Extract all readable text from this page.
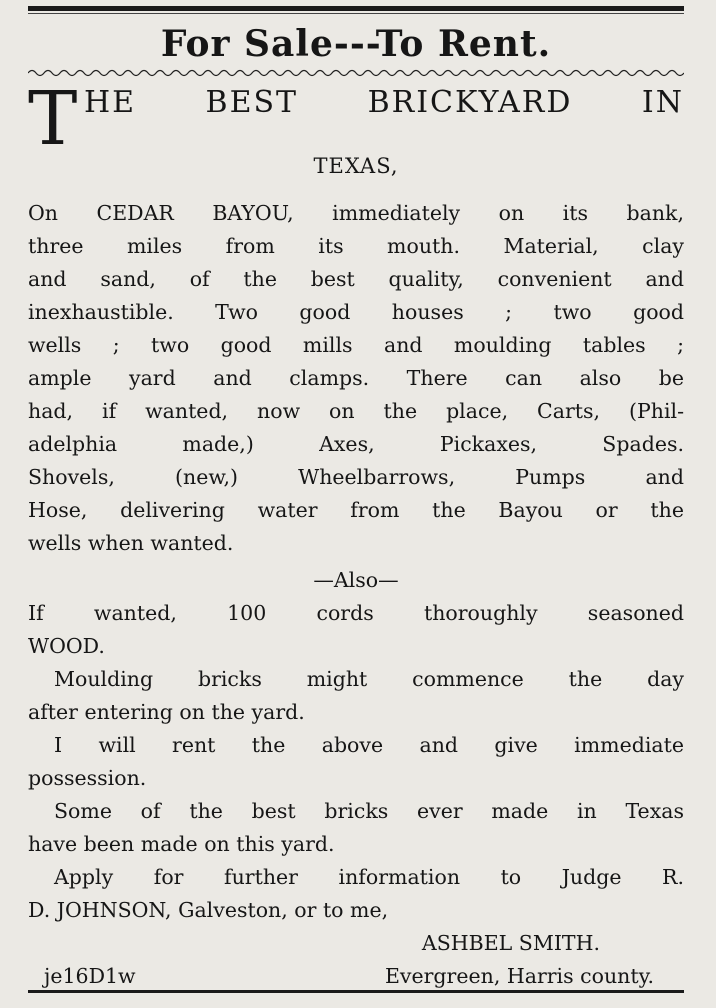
For Sale---To Rent.
T HE BEST BRICKYARD IN
TEXAS,
On CEDAR BAYOU, immediately on its bank,
three miles from its mouth. Material, clay
and sand, of the best quality, convenient and
inexhaustible. Two good houses ; two good
wells ; two good mills and moulding tables ;
ample yard and clamps. There can also be
had, if wanted, now on the place, Carts, (Phil-
adelphia made,) Axes, Pickaxes, Spades.
Shovels, (new,) Wheelbarrows, Pumps and
Hose, delivering water from the Bayou or the
wells when wanted.
—Also—
If wanted, 100 cords thoroughly seasoned
WOOD.
Moulding bricks might commence the day
after entering on the yard.
I will rent the above and give immediate
possession.
Some of the best bricks ever made in Texas
have been made on this yard.
Apply for further information to Judge R.
D. JOHNSON, Galveston, or to me,
ASHBEL SMITH.
je16D1w	Evergreen, Harris county.
